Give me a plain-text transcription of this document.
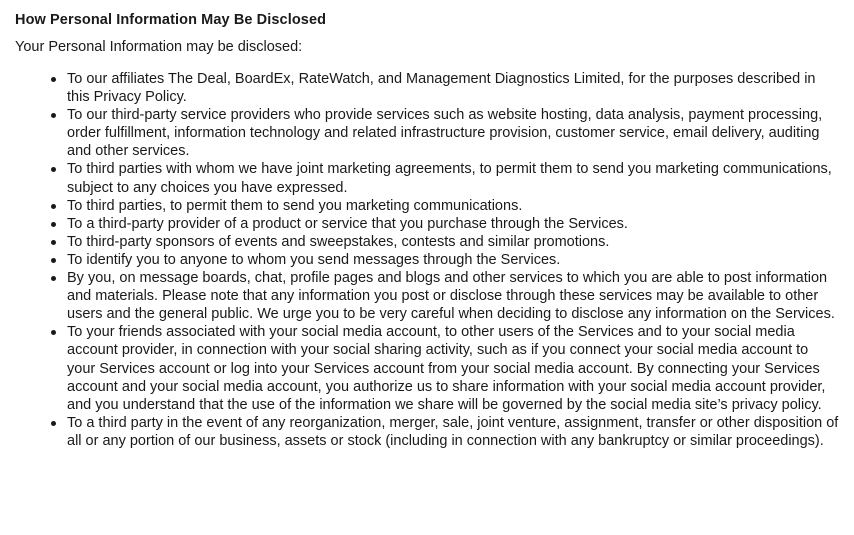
How Personal Information May Be Disclosed
Your Personal Information may be disclosed:
To our affiliates The Deal, BoardEx, RateWatch, and Management Diagnostics Limited, for the purposes described in this Privacy Policy.
To our third-party service providers who provide services such as website hosting, data analysis, payment processing, order fulfillment, information technology and related infrastructure provision, customer service, email delivery, auditing and other services.
To third parties with whom we have joint marketing agreements, to permit them to send you marketing communications, subject to any choices you have expressed.
To third parties, to permit them to send you marketing communications.
To a third-party provider of a product or service that you purchase through the Services.
To third-party sponsors of events and sweepstakes, contests and similar promotions.
To identify you to anyone to whom you send messages through the Services.
By you, on message boards, chat, profile pages and blogs and other services to which you are able to post information and materials. Please note that any information you post or disclose through these services may be available to other users and the general public. We urge you to be very careful when deciding to disclose any information on the Services.
To your friends associated with your social media account, to other users of the Services and to your social media account provider, in connection with your social sharing activity, such as if you connect your social media account to your Services account or log into your Services account from your social media account. By connecting your Services account and your social media account, you authorize us to share information with your social media account provider, and you understand that the use of the information we share will be governed by the social media site’s privacy policy.
To a third party in the event of any reorganization, merger, sale, joint venture, assignment, transfer or other disposition of all or any portion of our business, assets or stock (including in connection with any bankruptcy or similar proceedings).
